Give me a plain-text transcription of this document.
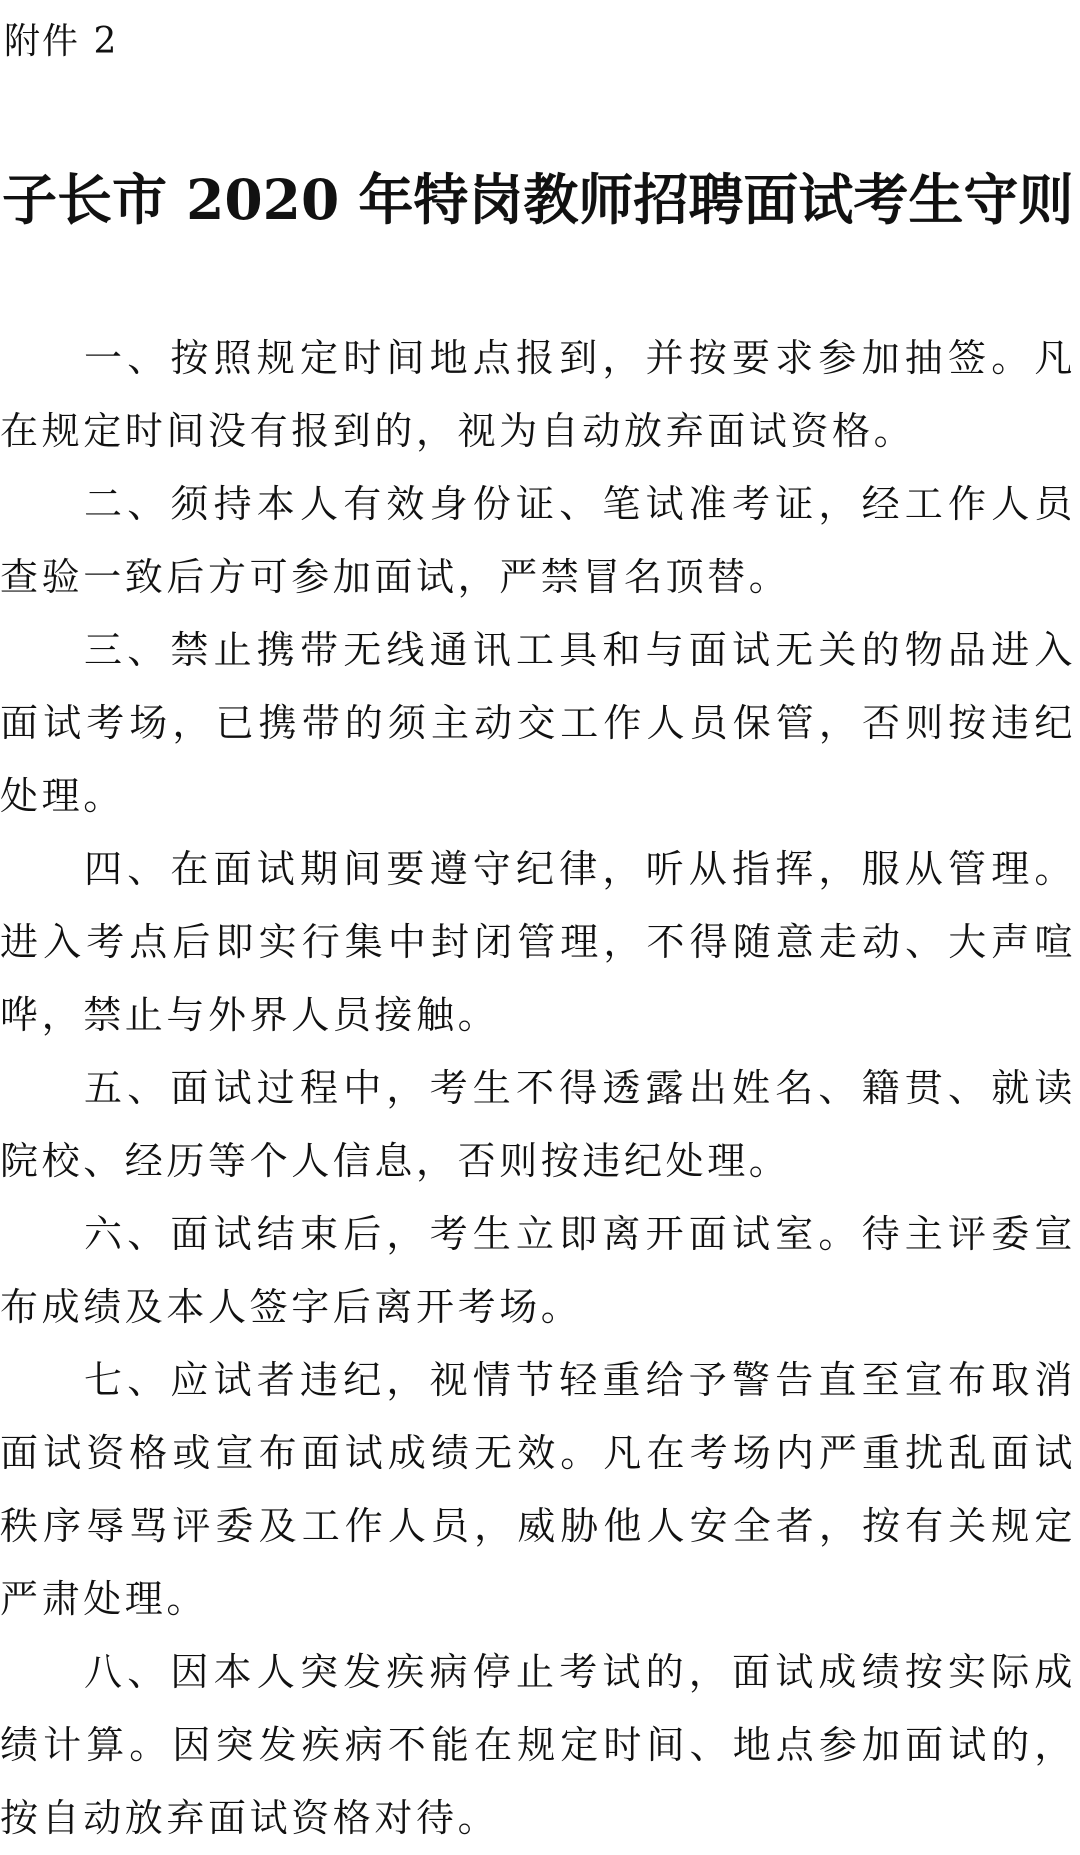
附件 2
子长市 2020 年特岗教师招聘面试考生守则

一、按照规定时间地点报到，并按要求参加抽签。凡在规定时间没有报到的，视为自动放弃面试资格。

二、须持本人有效身份证、笔试准考证，经工作人员查验一致后方可参加面试，严禁冒名顶替。

三、禁止携带无线通讯工具和与面试无关的物品进入面试考场，已携带的须主动交工作人员保管，否则按违纪处理。

四、在面试期间要遵守纪律，听从指挥，服从管理。进入考点后即实行集中封闭管理，不得随意走动、大声喧哗，禁止与外界人员接触。

五、面试过程中，考生不得透露出姓名、籍贯、就读院校、经历等个人信息，否则按违纪处理。

六、面试结束后，考生立即离开面试室。待主评委宣布成绩及本人签字后离开考场。

七、应试者违纪，视情节轻重给予警告直至宣布取消面试资格或宣布面试成绩无效。凡在考场内严重扰乱面试秩序辱骂评委及工作人员，威胁他人安全者，按有关规定严肃处理。

八、因本人突发疾病停止考试的，面试成绩按实际成绩计算。因突发疾病不能在规定时间、地点参加面试的，按自动放弃面试资格对待。
